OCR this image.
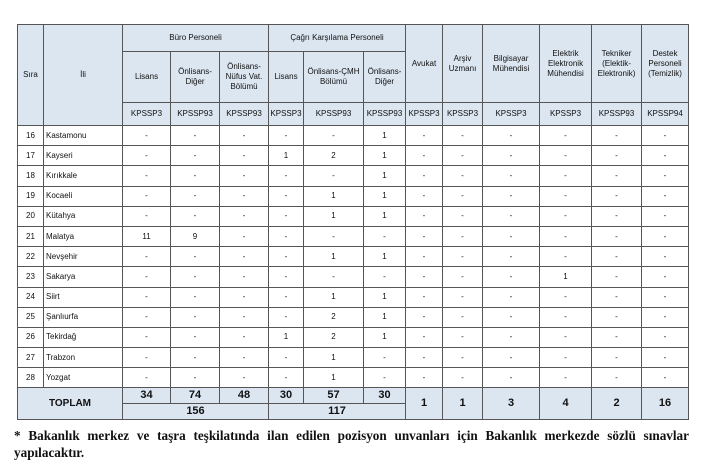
Sıra	İli	Büro Personeli			Çağrı Karşılama Personeli			Avukat	Arşiv Uzmanı	Bilgisayar Mühendisi	Elektrik Elektronik Mühendisi	Tekniker (Elektik-Elektronik)	Destek Personeli (Temizlik)
		Lisans	Önlisans-Diğer	Önlisans-Nüfus Vat. Bölümü	Lisans	Önlisans-ÇMH Bölümü	Önlisans-Diğer						
		KPSSP3	KPSSP93	KPSSP93	KPSSP3	KPSSP93	KPSSP93	KPSSP3	KPSSP3	KPSSP3	KPSSP3	KPSSP93	KPSSP94
16	Kastamonu	-	-	-	-	-	1	-	-	-	-	-	-
17	Kayseri	-	-	-	1	2	1	-	-	-	-	-	-
18	Kırıkkale	-	-	-	-	-	1	-	-	-	-	-	-
19	Kocaeli	-	-	-	-	1	1	-	-	-	-	-	-
20	Kütahya	-	-	-	-	1	1	-	-	-	-	-	-
21	Malatya	11	9	-	-	-	-	-	-	-	-	-	-
22	Nevşehir	-	-	-	-	1	1	-	-	-	-	-	-
23	Sakarya	-	-	-	-	-	-	-	-	-	1	-	-
24	Siirt	-	-	-	-	1	1	-	-	-	-	-	-
25	Şanlıurfa	-	-	-	-	2	1	-	-	-	-	-	-
26	Tekirdağ	-	-	-	1	2	1	-	-	-	-	-	-
27	Trabzon	-	-	-	-	1	-	-	-	-	-	-	-
28	Yozgat	-	-	-	-	1	-	-	-	-	-	-	-
TOPLAM		34	74	48	30	57	30	1	1	3	4	2	16
		156			117								
* Bakanlık merkez ve taşra teşkilatında ilan edilen pozisyon unvanları için Bakanlık merkezde sözlü sınavlar yapılacaktır.
